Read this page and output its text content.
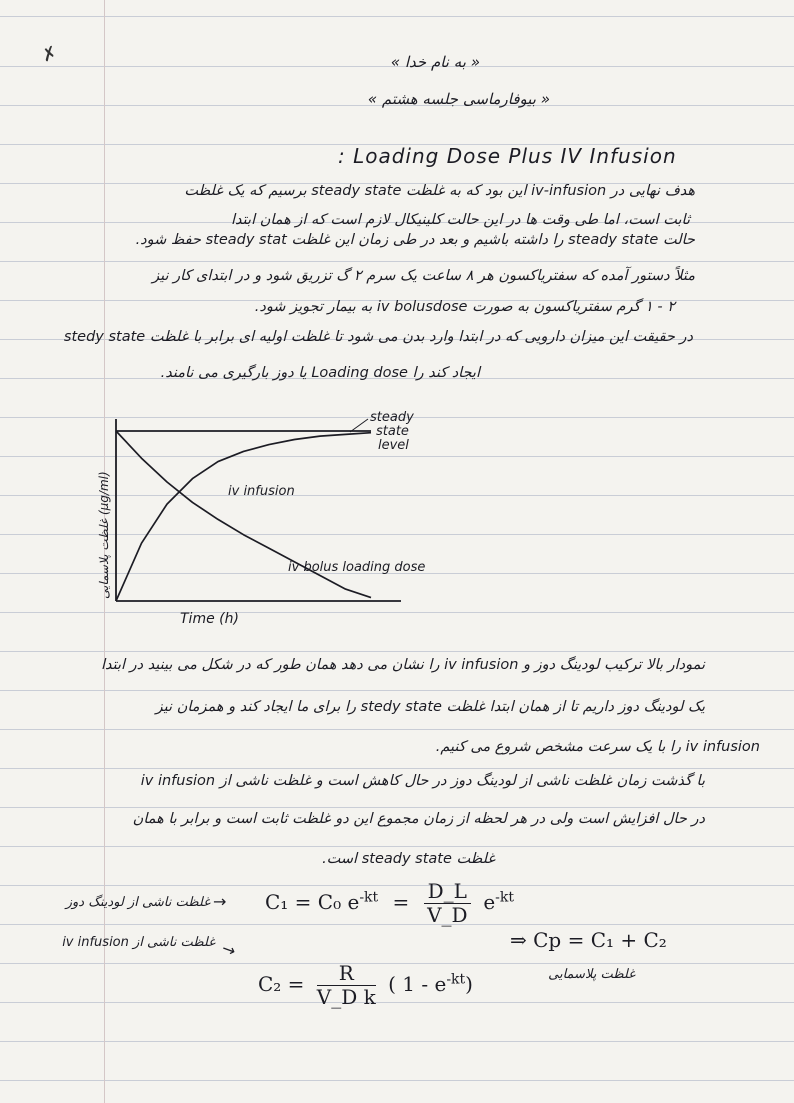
✗	« به نام خدا »
« بیوفارماسی جلسه هشتم »
: Loading Dose Plus IV Infusion
هدف نهایی در iv-infusion این بود که به غلظت steady state برسیم که یک غلظت
ثابت است، اما طی وقت ها در این حالت کلینیکال لازم است که از همان ابتدا
حالت steady state را داشته باشیم و بعد در طی زمان این غلظت steady stat حفظ شود.
مثلاً دستور آمده که سفتریاکسون هر ۸ ساعت یک سرم ۲ گ تزریق شود و در ابتدای کار نیز
۲ - ۱ گرم سفتریاکسون به صورت iv bolusdose به بیمار تجویز شود.
در حقیقت این میزان دارویی که در ابتدا وارد بدن می شود تا غلظت اولیه ای برابر با غلظت stedy state
ایجاد کند را Loading dose یا دوز بارگیری می نامند.
iv infusion
iv bolus loading dose
steady
state
level
Time (h)
غلظت پلاسمایی (μg/ml)
نمودار بالا ترکیب لودینگ دوز و iv infusion را نشان می دهد همان طور که در شکل می بینید در ابتدا
یک لودینگ دوز داریم تا از همان ابتدا غلظت stedy state را برای ما ایجاد کند و همزمان نیز
iv infusion را با یک سرعت مشخص شروع می کنیم.
با گذشت زمان غلظت ناشی از لودینگ دوز در حال کاهش است و غلظت ناشی از iv infusion
در حال افزایش است ولی در هر لحظه از زمان مجموع این دو غلظت ثابت است و برابر با همان
غلظت steady state است.
غلظت ناشی از لودینگ دوز → C₁ = C₀ $e^{-kt} = \frac{D\_L}{V\_D} e^{-kt}$
غلظت ناشی از iv infusion →
$C_2 = \frac{R}{\text{V\_D k}}$ ( $1 - e^{-kt}$)
⇒ Cp = C₁ + C₂
غلظت پلاسمایی
